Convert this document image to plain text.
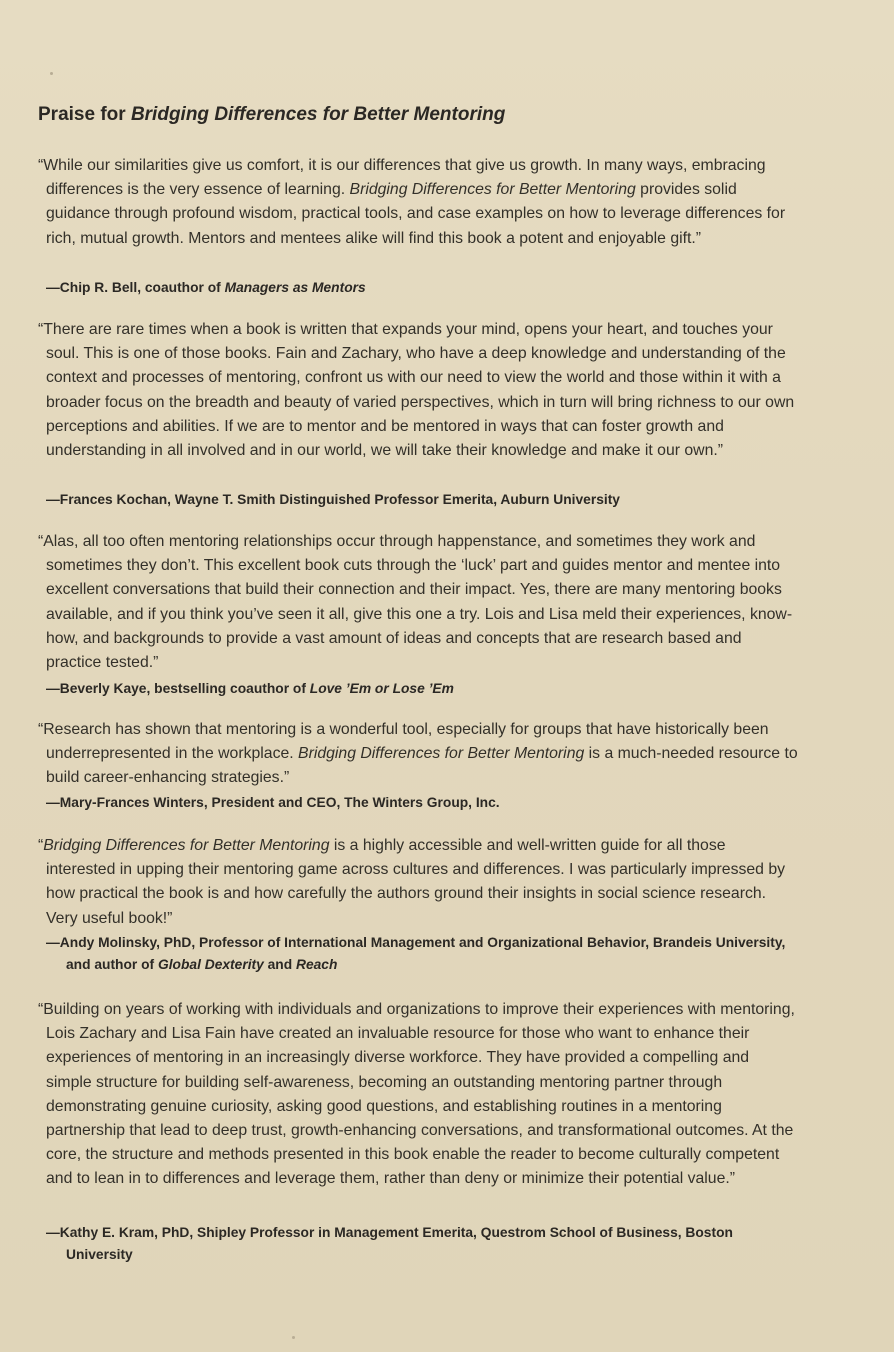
Praise for Bridging Differences for Better Mentoring

“While our similarities give us comfort, it is our differences that give us growth. In many ways, embracing differences is the very essence of learning. Bridging Differences for Better Mentoring provides solid guidance through profound wisdom, practical tools, and case examples on how to leverage differences for rich, mutual growth. Mentors and mentees alike will find this book a potent and enjoyable gift.”

—Chip R. Bell, coauthor of Managers as Mentors

“There are rare times when a book is written that expands your mind, opens your heart, and touches your soul. This is one of those books. Fain and Zachary, who have a deep knowledge and understanding of the context and processes of mentoring, confront us with our need to view the world and those within it with a broader focus on the breadth and beauty of varied perspectives, which in turn will bring richness to our own perceptions and abilities. If we are to mentor and be mentored in ways that can foster growth and understanding in all involved and in our world, we will take their knowledge and make it our own.”

—Frances Kochan, Wayne T. Smith Distinguished Professor Emerita, Auburn University

“Alas, all too often mentoring relationships occur through happenstance, and sometimes they work and sometimes they don’t. This excellent book cuts through the ‘luck’ part and guides mentor and mentee into excellent conversations that build their connection and their impact. Yes, there are many mentoring books available, and if you think you’ve seen it all, give this one a try. Lois and Lisa meld their experiences, know-how, and backgrounds to provide a vast amount of ideas and concepts that are research based and practice tested.”

—Beverly Kaye, bestselling coauthor of Love ’Em or Lose ’Em

“Research has shown that mentoring is a wonderful tool, especially for groups that have historically been underrepresented in the workplace. Bridging Differences for Better Mentoring is a much-needed resource to build career-enhancing strategies.”

—Mary-Frances Winters, President and CEO, The Winters Group, Inc.

“Bridging Differences for Better Mentoring is a highly accessible and well-written guide for all those interested in upping their mentoring game across cultures and differences. I was particularly impressed by how practical the book is and how carefully the authors ground their insights in social science research. Very useful book!”

—Andy Molinsky, PhD, Professor of International Management and Organizational Behavior, Brandeis University, and author of Global Dexterity and Reach

“Building on years of working with individuals and organizations to improve their experiences with mentoring, Lois Zachary and Lisa Fain have created an invaluable resource for those who want to enhance their experiences of mentoring in an increasingly diverse workforce. They have provided a compelling and simple structure for building self-awareness, becoming an outstanding mentoring partner through demonstrating genuine curiosity, asking good questions, and establishing routines in a mentoring partnership that lead to deep trust, growth-enhancing conversations, and transformational outcomes. At the core, the structure and methods presented in this book enable the reader to become culturally competent and to lean in to differences and leverage them, rather than deny or minimize their potential value.”

—Kathy E. Kram, PhD, Shipley Professor in Management Emerita, Questrom School of Business, Boston University
